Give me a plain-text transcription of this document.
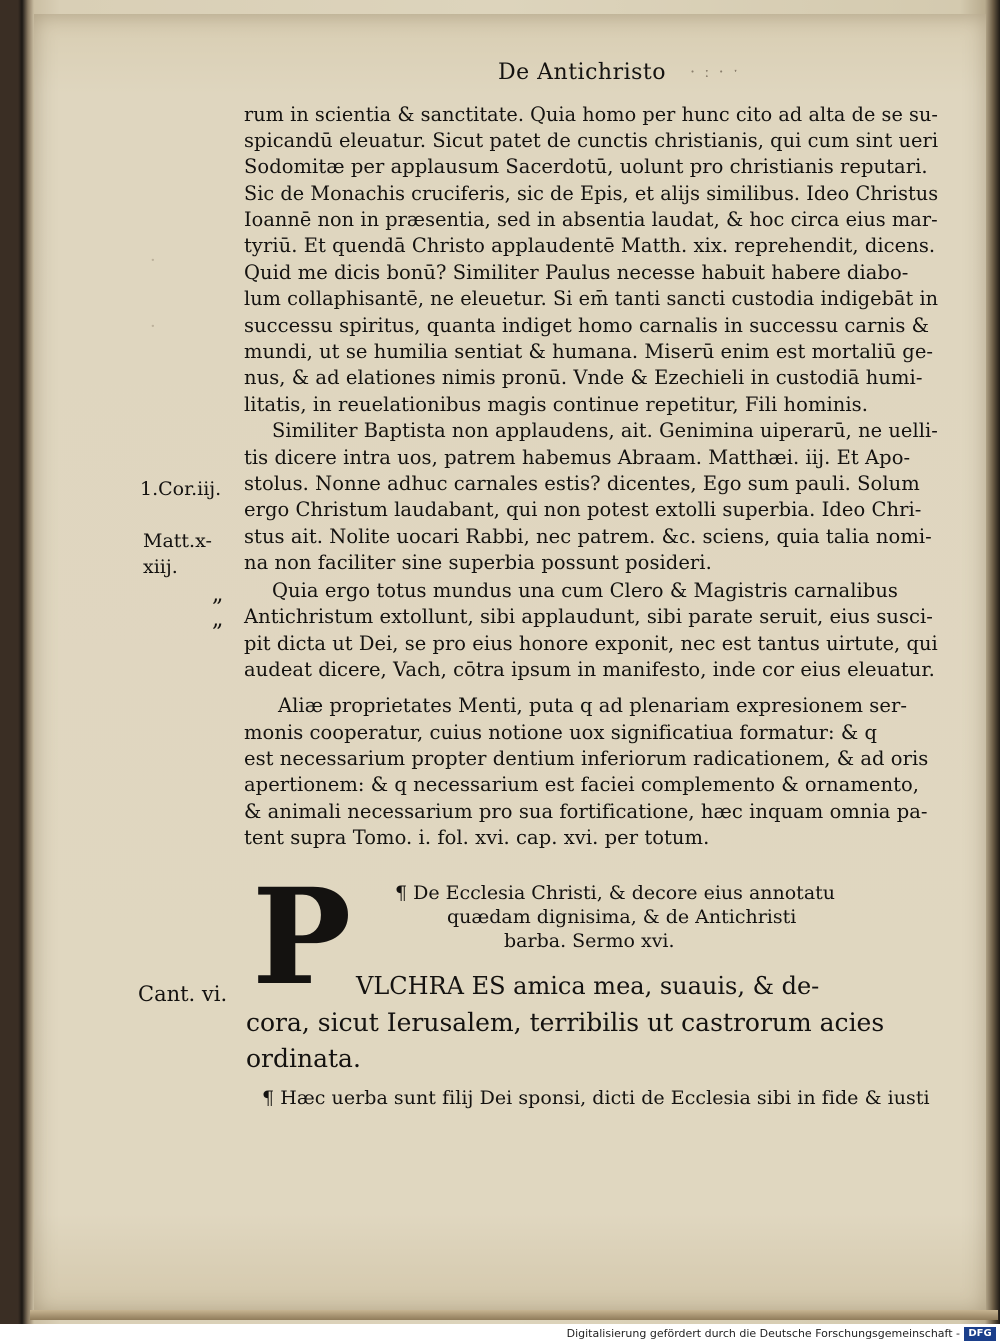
·
·
De Antichristo · ː · ˑ
rum in scientia & sanctitate. Quia homo per hunc cito ad alta de se su-
spicandū eleuatur. Sicut patet de cunctis christianis, qui cum sint ueri
Sodomitæ per applausum Sacerdotū, uolunt pro christianis reputari.
Sic de Monachis cruciferis, sic de Epis, et alijs similibus. Ideo Christus
Ioannē non in præsentia, sed in absentia laudat, & hoc circa eius mar-
tyriū. Et quendā Christo applaudentē Matth. xix. reprehendit, dicens.
Quid me dicis bonū? Similiter Paulus necesse habuit habere diabo-
lum collaphisantē, ne eleuetur. Si em̄ tanti sancti custodia indigebāt in
successu spiritus, quanta indiget homo carnalis in successu carnis &
mundi, ut se humilia sentiat & humana. Miserū enim est mortaliū ge-
nus, & ad elationes nimis pronū. Vnde & Ezechieli in custodiā humi-
litatis, in reuelationibus magis continue repetitur, Fili hominis.
Similiter Baptista non applaudens, ait. Genimina uiperarū, ne uelli-
tis dicere intra uos, patrem habemus Abraam. Matthæi. iij. Et Apo-
stolus. Nonne adhuc carnales estis? dicentes, Ego sum pauli. Solum
ergo Christum laudabant, qui non potest extolli superbia. Ideo Chri-
stus ait. Nolite uocari Rabbi, nec patrem. &c. sciens, quia talia nomi-
na non faciliter sine superbia possunt posideri.
Quia ergo totus mundus una cum Clero & Magistris carnalibus
Antichristum extollunt, sibi applaudunt, sibi parate seruit, eius susci-
pit dicta ut Dei, se pro eius honore exponit, nec est tantus uirtute, qui
audeat dicere, Vach, cōtra ipsum in manifesto, inde cor eius eleuatur.
Aliæ proprietates Menti, puta q ad plenariam expresionem ser-
monis cooperatur, cuius notione uox significatiua formatur: & q
est necessarium propter dentium inferiorum radicationem, & ad oris
apertionem: & q necessarium est faciei complemento & ornamento,
& animali necessarium pro sua fortificatione, hæc inquam omnia pa-
tent supra Tomo. i. fol. xvi. cap. xvi. per totum.
1.Cor.iij.
Matt.x-
xiij.
„
„
Cant. vi.
¶ De Ecclesia Christi, & decore eius annotatu
quædam dignisima, & de Antichristi
barba. Sermo xvi.
P VLCHRA ES amica mea, suauis, & de-
cora, sicut Ierusalem, terribilis ut castrorum acies
ordinata.
¶ Hæc uerba sunt filij Dei sponsi, dicti de Ecclesia sibi in fide & iusti
Digitalisierung gefördert durch die Deutsche Forschungsgemeinschaft - DFG
